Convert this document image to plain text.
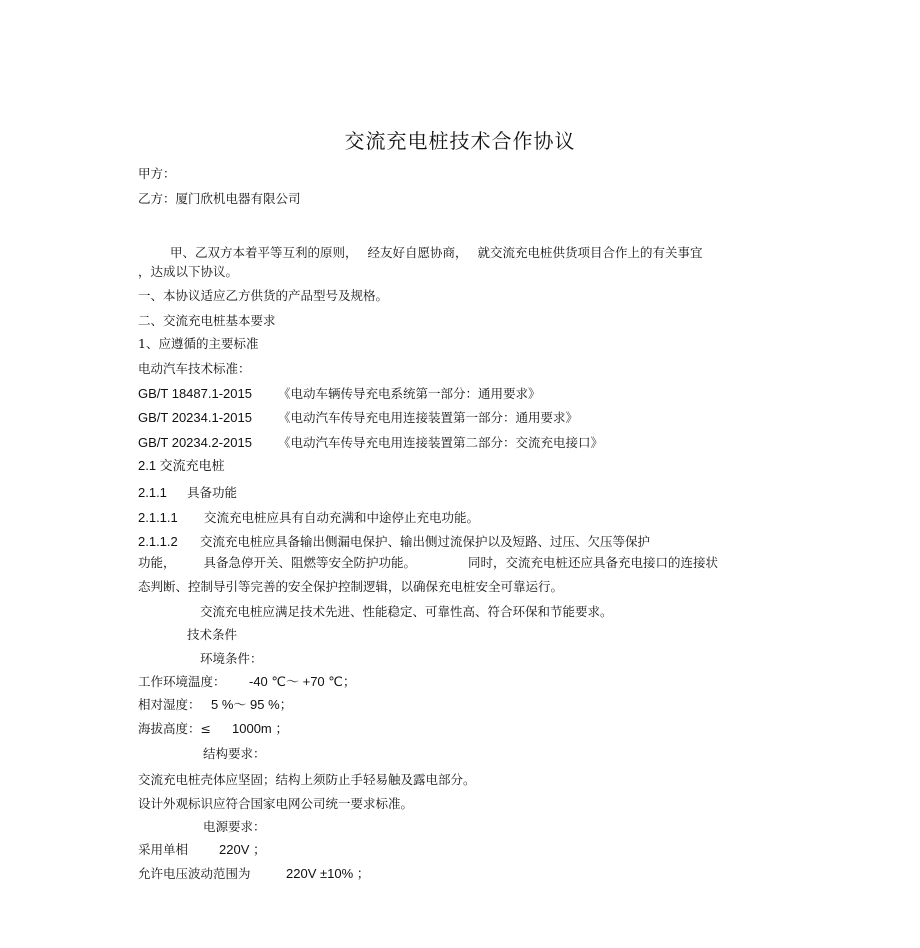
交流充电桩技术合作协议
甲方：
乙方：厦门欣机电器有限公司
甲、乙双方本着平等互利的原则， 经友好自愿协商， 就交流充电桩供货项目合作上的有关事宜
，达成以下协议。
一、本协议适应乙方供货的产品型号及规格。
二、交流充电桩基本要求
1、应遵循的主要标准
电动汽车技术标准：
GB/T 18487.1-2015 《电动车辆传导充电系统第一部分：通用要求》
GB/T 20234.1-2015 《电动汽车传导充电用连接装置第一部分：通用要求》
GB/T 20234.2-2015 《电动汽车传导充电用连接装置第二部分：交流充电接口》
2.1 交流充电桩
2.1.1 具备功能
2.1.1.1 交流充电桩应具有自动充满和中途停止充电功能。
2.1.1.2 交流充电桩应具备输出侧漏电保护、输出侧过流保护以及短路、过压、欠压等保护
功能， 具备急停开关、阻燃等安全防护功能。	同时，交流充电桩还应具备充电接口的连接状
态判断、控制导引等完善的安全保护控制逻辑，以确保充电桩安全可靠运行。
交流充电桩应满足技术先进、性能稳定、可靠性高、符合环保和节能要求。
技术条件
环境条件：
工作环境温度： -40 ℃～ +70 ℃；
相对湿度： 5 %～ 95 %；
海拔高度：≤ 1000m ；
结构要求：
交流充电桩壳体应坚固；结构上须防止手轻易触及露电部分。
设计外观标识应符合国家电网公司统一要求标准。
电源要求：
采用单相 220V ；
允许电压波动范围为	220V ±10% ；
